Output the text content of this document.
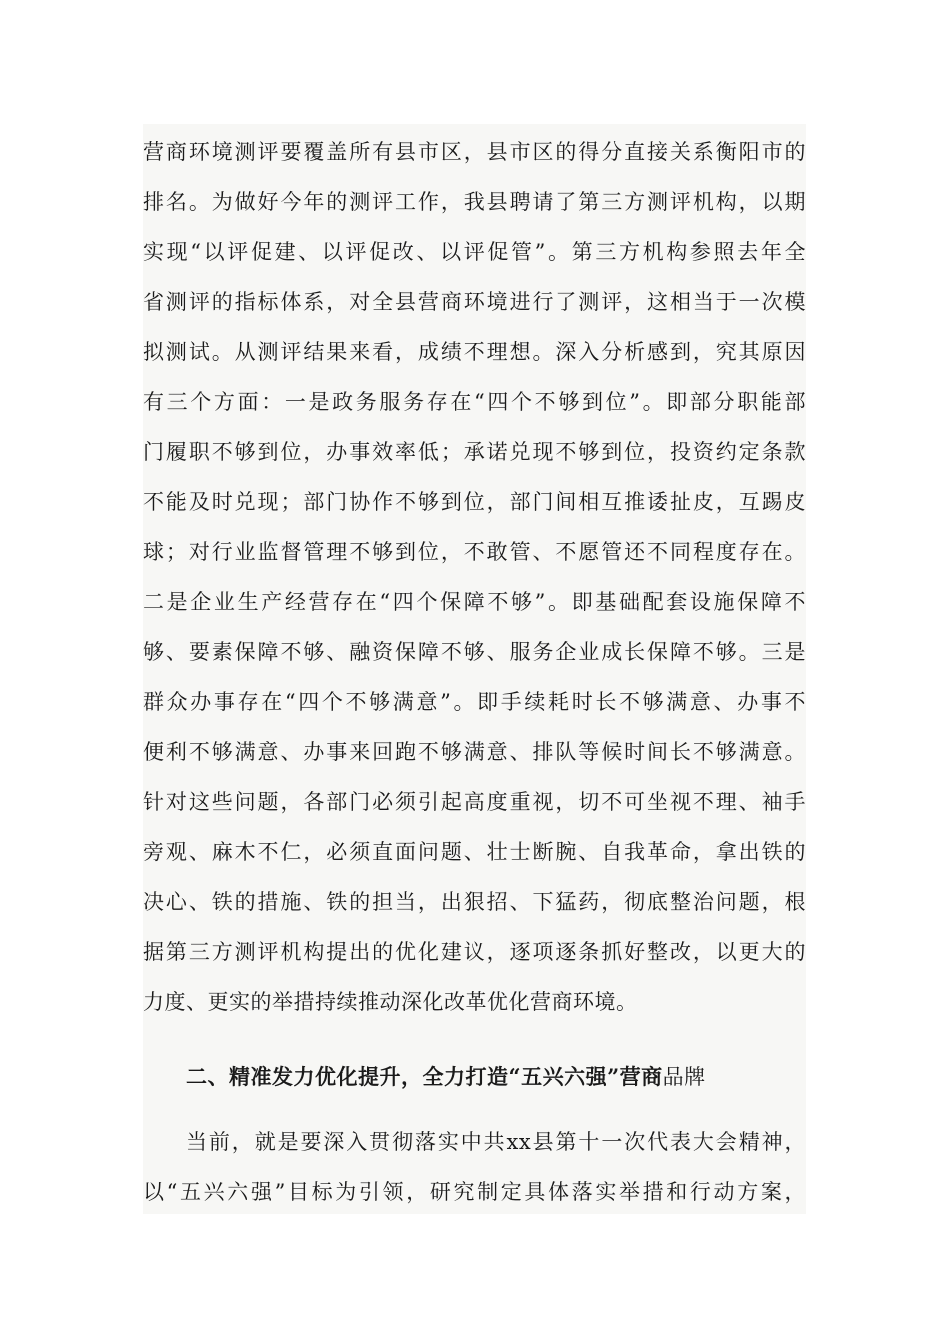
营商环境测评要覆盖所有县市区，县市区的得分直接关系衡阳市的
排名。为做好今年的测评工作，我县聘请了第三方测评机构，以期
实现“以评促建、以评促改、以评促管”。第三方机构参照去年全
省测评的指标体系，对全县营商环境进行了测评，这相当于一次模
拟测试。从测评结果来看，成绩不理想。深入分析感到，究其原因
有三个方面：一是政务服务存在“四个不够到位”。即部分职能部
门履职不够到位，办事效率低；承诺兑现不够到位，投资约定条款
不能及时兑现；部门协作不够到位，部门间相互推诿扯皮，互踢皮
球；对行业监督管理不够到位，不敢管、不愿管还不同程度存在。
二是企业生产经营存在“四个保障不够”。即基础配套设施保障不
够、要素保障不够、融资保障不够、服务企业成长保障不够。三是
群众办事存在“四个不够满意”。即手续耗时长不够满意、办事不
便利不够满意、办事来回跑不够满意、排队等候时间长不够满意。
针对这些问题，各部门必须引起高度重视，切不可坐视不理、袖手
旁观、麻木不仁，必须直面问题、壮士断腕、自我革命，拿出铁的
决心、铁的措施、铁的担当，出狠招、下猛药，彻底整治问题，根
据第三方测评机构提出的优化建议，逐项逐条抓好整改，以更大的
力度、更实的举措持续推动深化改革优化营商环境。
二、精准发力优化提升，全力打造“五兴六强”营商品牌
当前，就是要深入贯彻落实中共xx县第十一次代表大会精神，
以“五兴六强”目标为引领，研究制定具体落实举措和行动方案，
